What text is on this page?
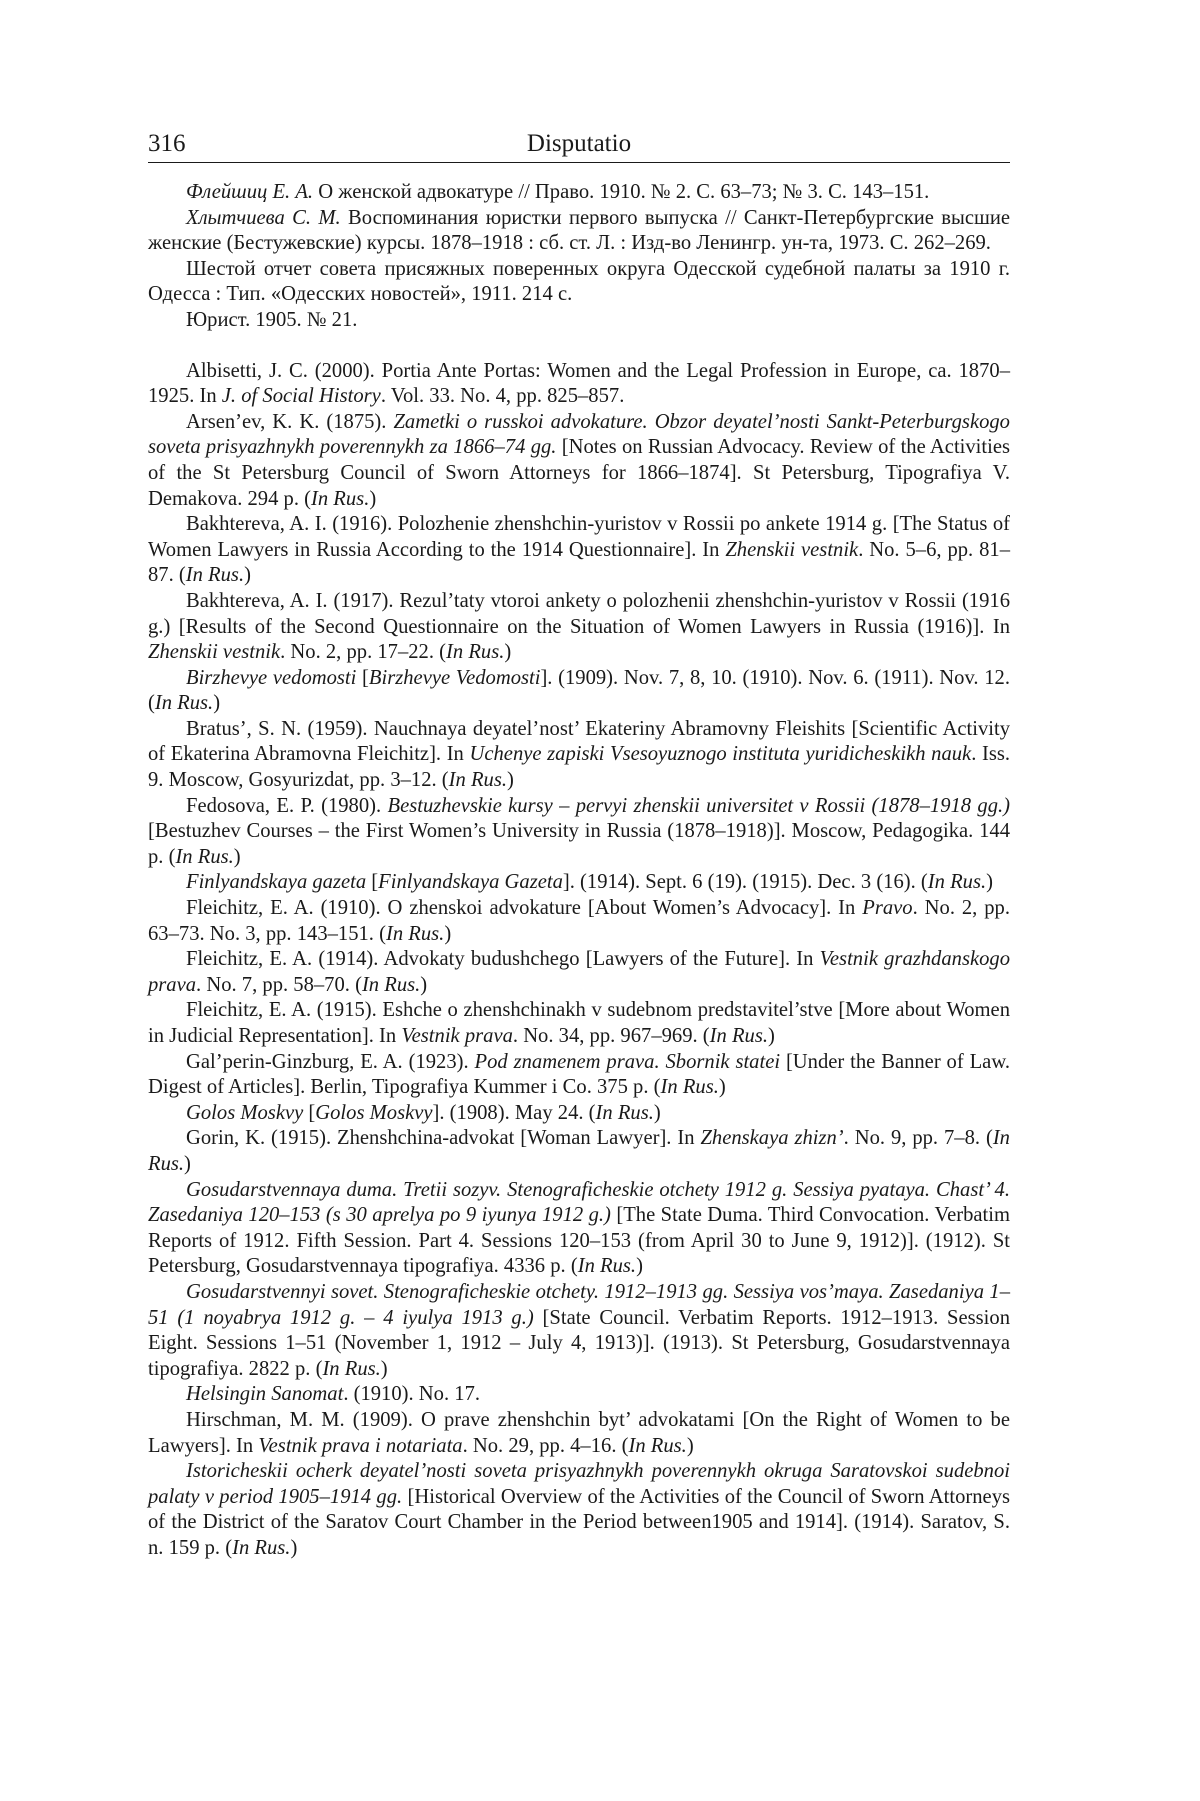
316	Disputatio

Флейшиц Е. А. О женской адвокатуре // Право. 1910. № 2. С. 63–73; № 3. С. 143–151.

Хлытчиева С. М. Воспоминания юристки первого выпуска // Санкт-Петербургские высшие женские (Бестужевские) курсы. 1878–1918 : сб. ст. Л. : Изд-во Ленингр. ун-та, 1973. С. 262–269.

Шестой отчет совета присяжных поверенных округа Одесской судебной палаты за 1910 г. Одесса : Тип. «Одесских новостей», 1911. 214 с.

Юрист. 1905. № 21.

Albisetti, J. C. (2000). Portia Ante Portas: Women and the Legal Profession in Europe, ca. 1870–1925. In J. of Social History. Vol. 33. No. 4, pp. 825–857.

Arsen’ev, K. K. (1875). Zametki o russkoi advokature. Obzor deyatel’nosti Sankt-Peterburgskogo soveta prisyazhnykh poverennykh za 1866–74 gg. [Notes on Russian Advocacy. Review of the Activities of the St Petersburg Council of Sworn Attorneys for 1866–1874]. St Petersburg, Tipografiya V. Demakova. 294 p. (In Rus.)

Bakhtereva, A. I. (1916). Polozhenie zhenshchin-yuristov v Rossii po ankete 1914 g. [The Status of Women Lawyers in Russia According to the 1914 Questionnaire]. In Zhenskii vestnik. No. 5–6, pp. 81–87. (In Rus.)

Bakhtereva, A. I. (1917). Rezul’taty vtoroi ankety o polozhenii zhenshchin-yuristov v Rossii (1916 g.) [Results of the Second Questionnaire on the Situation of Women Lawyers in Russia (1916)]. In Zhenskii vestnik. No. 2, pp. 17–22. (In Rus.)

Birzhevye vedomosti [Birzhevye Vedomosti]. (1909). Nov. 7, 8, 10. (1910). Nov. 6. (1911). Nov. 12. (In Rus.)

Bratus’, S. N. (1959). Nauchnaya deyatel’nost’ Ekateriny Abramovny Fleishits [Scientific Activity of Ekaterina Abramovna Fleichitz]. In Uchenye zapiski Vsesoyuznogo instituta yuridicheskikh nauk. Iss. 9. Moscow, Gosyurizdat, pp. 3–12. (In Rus.)

Fedosova, E. P. (1980). Bestuzhevskie kursy – pervyi zhenskii universitet v Rossii (1878–1918 gg.) [Bestuzhev Courses – the First Women’s University in Russia (1878–1918)]. Moscow, Pedagogika. 144 p. (In Rus.)

Finlyandskaya gazeta [Finlyandskaya Gazeta]. (1914). Sept. 6 (19). (1915). Dec. 3 (16). (In Rus.)

Fleichitz, E. A. (1910). O zhenskoi advokature [About Women’s Advocacy]. In Pravo. No. 2, pp. 63–73. No. 3, pp. 143–151. (In Rus.)

Fleichitz, E. A. (1914). Advokaty budushchego [Lawyers of the Future]. In Vestnik grazhdanskogo prava. No. 7, pp. 58–70. (In Rus.)

Fleichitz, E. A. (1915). Eshche o zhenshchinakh v sudebnom predstavitel’stve [More about Women in Judicial Representation]. In Vestnik prava. No. 34, pp. 967–969. (In Rus.)

Gal’perin-Ginzburg, E. A. (1923). Pod znamenem prava. Sbornik statei [Under the Banner of Law. Digest of Articles]. Berlin, Tipografiya Kummer i Co. 375 p. (In Rus.)

Golos Moskvy [Golos Moskvy]. (1908). May 24. (In Rus.)

Gorin, K. (1915). Zhenshchina-advokat [Woman Lawyer]. In Zhenskaya zhizn’. No. 9, pp. 7–8. (In Rus.)

Gosudarstvennaya duma. Tretii sozyv. Stenograficheskie otchety 1912 g. Sessiya pyataya. Chast’ 4. Zasedaniya 120–153 (s 30 aprelya po 9 iyunya 1912 g.) [The State Duma. Third Convocation. Verbatim Reports of 1912. Fifth Session. Part 4. Sessions 120–153 (from April 30 to June 9, 1912)]. (1912). St Petersburg, Gosudarstvennaya tipografiya. 4336 p. (In Rus.)

Gosudarstvennyi sovet. Stenograficheskie otchety. 1912–1913 gg. Sessiya vos’maya. Zasedaniya 1–51 (1 noyabrya 1912 g. – 4 iyulya 1913 g.) [State Council. Verbatim Reports. 1912–1913. Session Eight. Sessions 1–51 (November 1, 1912 – July 4, 1913)]. (1913). St Petersburg, Gosudarstvennaya tipografiya. 2822 p. (In Rus.)

Helsingin Sanomat. (1910). No. 17.

Hirschman, M. M. (1909). O prave zhenshchin byt’ advokatami [On the Right of Women to be Lawyers]. In Vestnik prava i notariata. No. 29, pp. 4–16. (In Rus.)

Istoricheskii ocherk deyatel’nosti soveta prisyazhnykh poverennykh okruga Saratovskoi sudebnoi palaty v period 1905–1914 gg. [Historical Overview of the Activities of the Council of Sworn Attorneys of the District of the Saratov Court Chamber in the Period between1905 and 1914]. (1914). Saratov, S. n. 159 p. (In Rus.)
